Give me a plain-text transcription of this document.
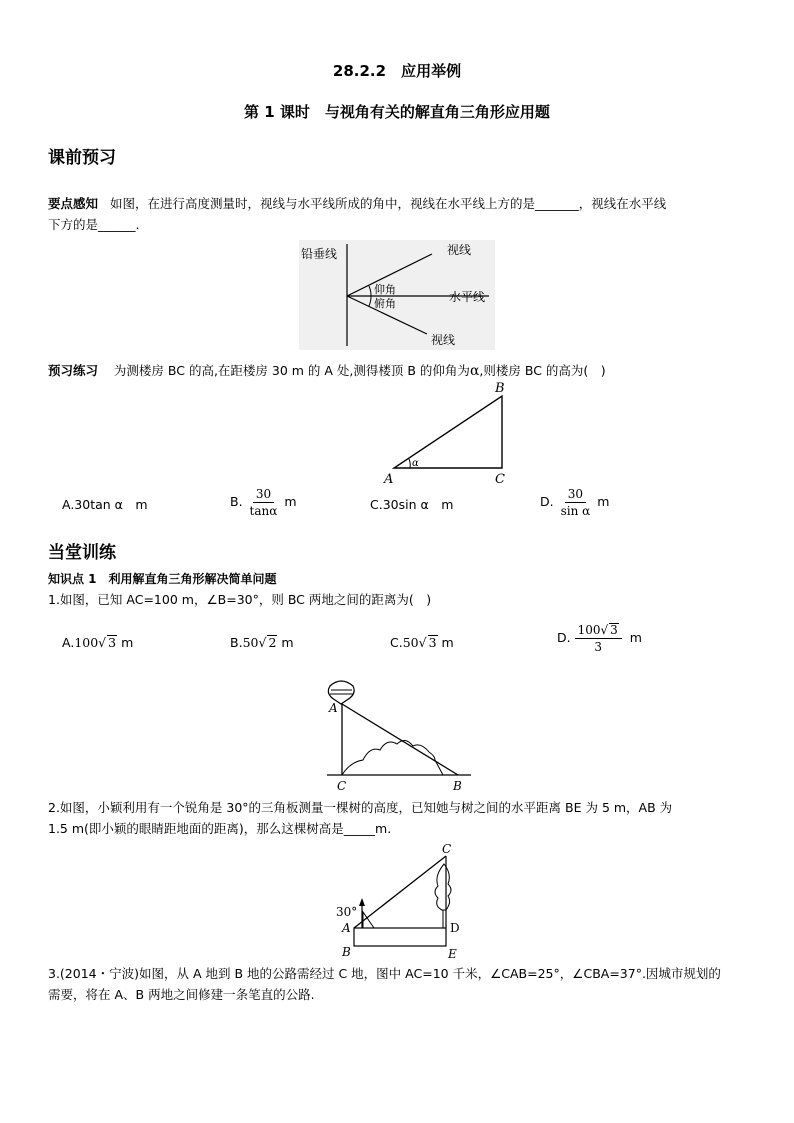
28.2.2　应用举例
第 1 课时　与视角有关的解直角三角形应用题
课前预习
要点感知 如图，在进行高度测量时，视线与水平线所成的角中，视线在水平线上方的是_______，视线在水平线
下方的是______.
铅垂线	视线
仰角
俯角	水平线
视线
预习练习 为测楼房 BC 的高,在距楼房 30 m 的 A 处,测得楼顶 B 的仰角为α,则楼房 BC 的高为(　)
B
A	C
α
A.30tan α　m	B. $\frac{30}{\tan\alpha}$ m	C.30sin α　m	D. $\frac{30}{\text{sin α}}$ m
当堂训练
知识点 1　利用解直角三角形解决简单问题
1.如图，已知 AC=100 m，∠B=30°，则 BC 两地之间的距离为(　)
A.100√ 3 m	B.50√ 2 m	C.50√ 3 m	D. $\frac{100√ 3}{3}$ m
A
C	B
2.如图，小颖利用有一个锐角是 30°的三角板测量一棵树的高度，已知她与树之间的水平距离 BE 为 5 m，AB 为
1.5 m(即小颖的眼睛距地面的距离)，那么这棵树高是_____m.
30°
A
B
C
D
E
3.(2014・宁波)如图，从 A 地到 B 地的公路需经过 C 地，图中 AC=10 千米，∠CAB=25°，∠CBA=37°.因城市规划的
需要，将在 A、B 两地之间修建一条笔直的公路.
